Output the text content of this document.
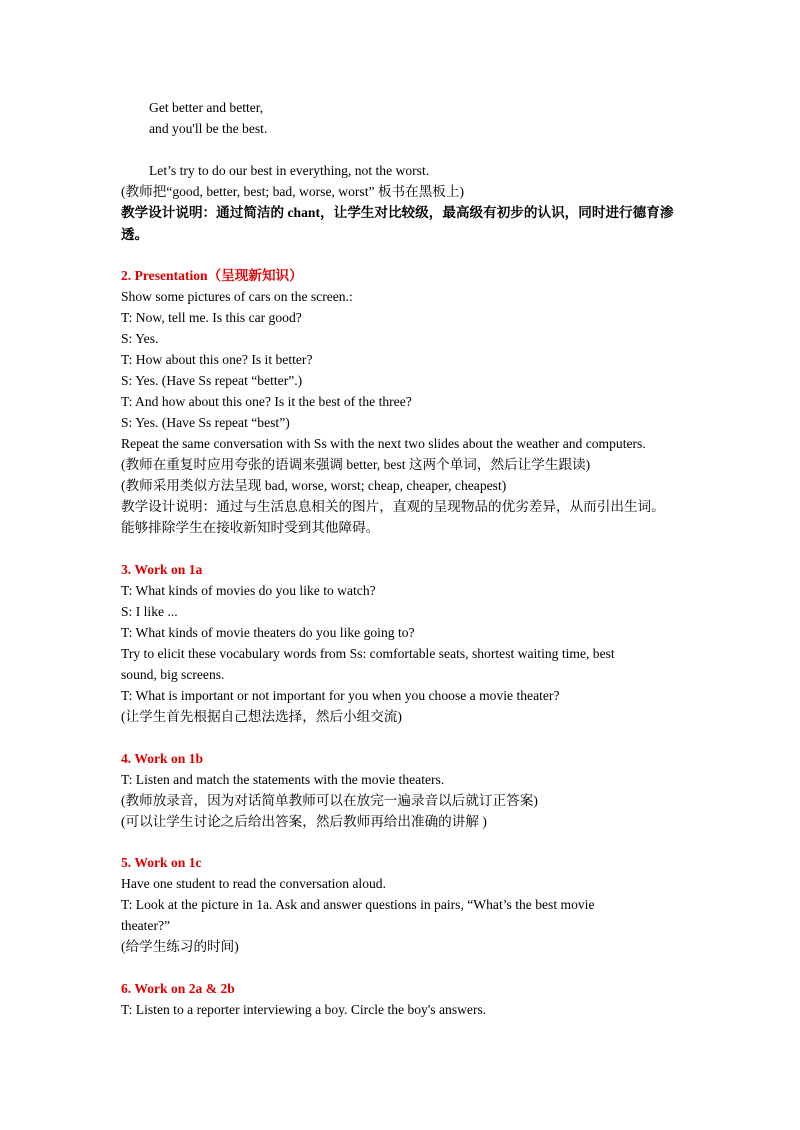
Get better and better,
and you'll be the best.
Let’s try to do our best in everything, not the worst.
(教师把“good, better, best; bad, worse, worst” 板书在黑板上)
教学设计说明：通过简洁的 chant，让学生对比较级，最高级有初步的认识，同时进行德育渗
透。
2. Presentation（呈现新知识）
Show some pictures of cars on the screen.:
T: Now, tell me. Is this car good?
S: Yes.
T: How about this one? Is it better?
S: Yes. (Have Ss repeat “better”.)
T: And how about this one? Is it the best of the three?
S: Yes. (Have Ss repeat “best”)
Repeat the same conversation with Ss with the next two slides about the weather and computers.
(教师在重复时应用夸张的语调来强调 better, best 这两个单词，然后让学生跟读)
(教师采用类似方法呈现 bad, worse, worst; cheap, cheaper, cheapest)
教学设计说明：通过与生活息息相关的图片，直观的呈现物品的优劣差异，从而引出生词。
能够排除学生在接收新知时受到其他障碍。
3. Work on 1a
T: What kinds of movies do you like to watch?
S: I like ...
T: What kinds of movie theaters do you like going to?
Try to elicit these vocabulary words from Ss: comfortable seats, shortest waiting time, best
sound, big screens.
T: What is important or not important for you when you choose a movie theater?
(让学生首先根据自己想法选择，然后小组交流)
4. Work on 1b
T: Listen and match the statements with the movie theaters.
(教师放录音，因为对话简单教师可以在放完一遍录音以后就订正答案)
(可以让学生讨论之后给出答案，然后教师再给出准确的讲解 )
5. Work on 1c
Have one student to read the conversation aloud.
T: Look at the picture in 1a. Ask and answer questions in pairs, “What’s the best movie
theater?”
(给学生练习的时间)
6. Work on 2a & 2b
T: Listen to a reporter interviewing a boy. Circle the boy's answers.
